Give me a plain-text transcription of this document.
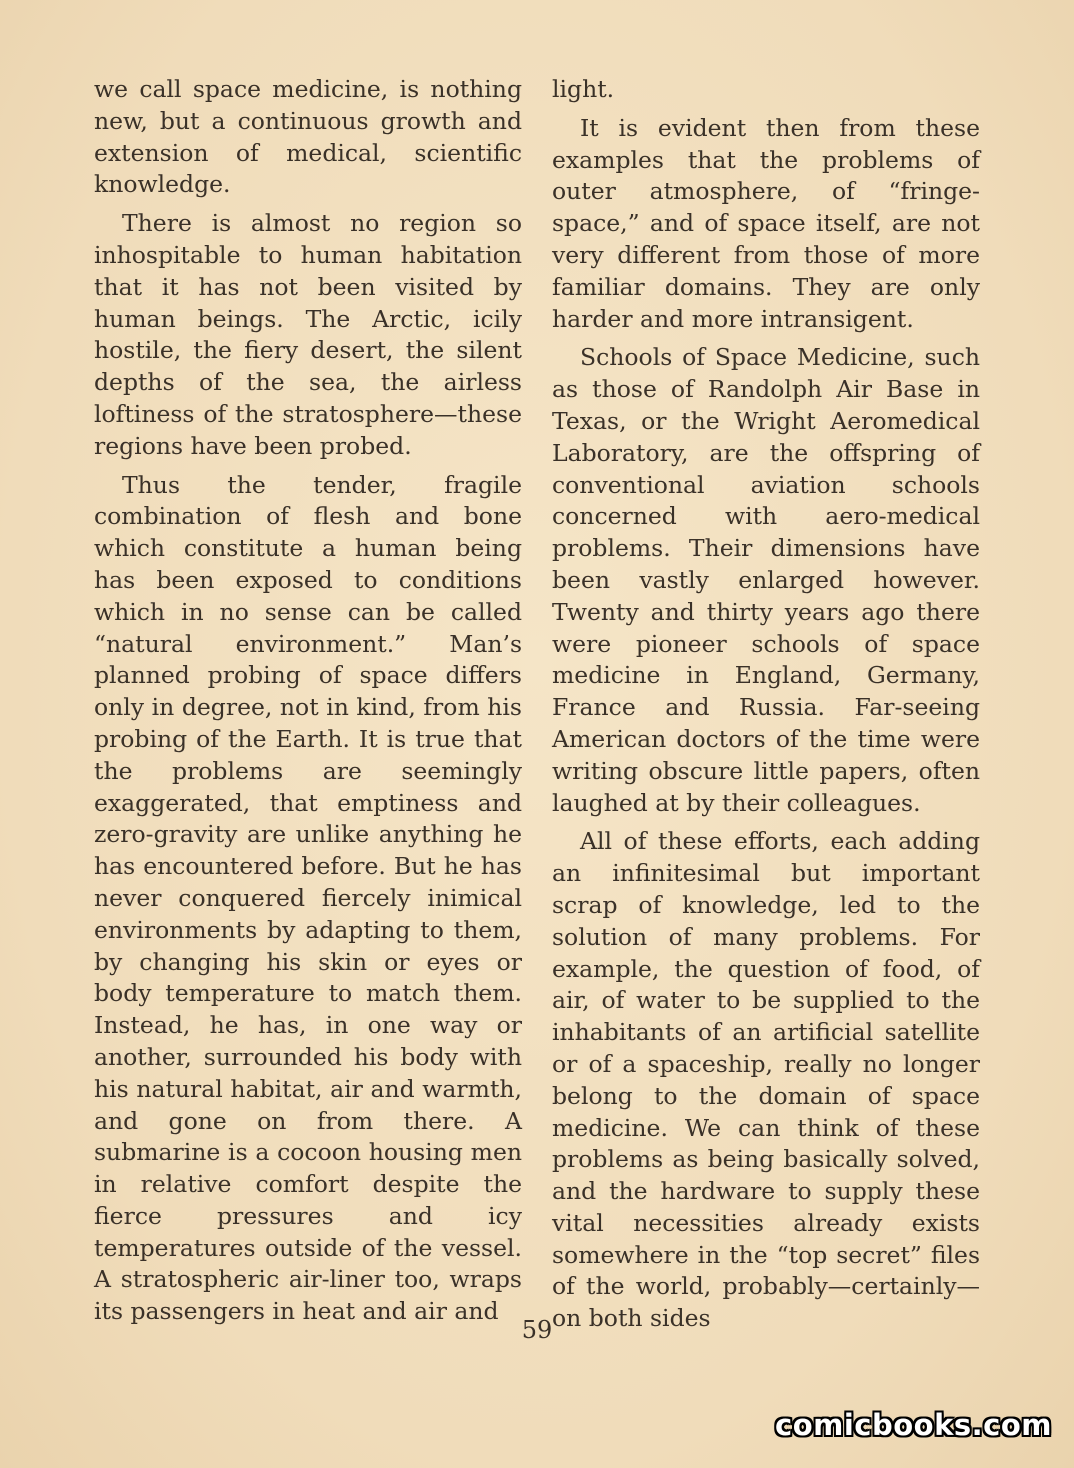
we call space medicine, is nothing new, but a continuous growth and extension of medical, scientific knowledge.

There is almost no region so inhospitable to human habitation that it has not been visited by human beings. The Arctic, icily hostile, the fiery desert, the silent depths of the sea, the airless loftiness of the stratosphere—these regions have been probed.

Thus the tender, fragile combination of flesh and bone which constitute a human being has been exposed to conditions which in no sense can be called “natural environment.” Man’s planned probing of space differs only in degree, not in kind, from his probing of the Earth. It is true that the problems are seemingly exaggerated, that emptiness and zero-gravity are unlike anything he has encountered before. But he has never conquered fiercely inimical environments by adapting to them, by changing his skin or eyes or body temperature to match them. Instead, he has, in one way or another, surrounded his body with his natural habitat, air and warmth, and gone on from there. A submarine is a cocoon housing men in relative comfort despite the fierce pressures and icy temperatures outside of the vessel. A stratospheric air-liner too, wraps its passengers in heat and air and

light.

It is evident then from these examples that the problems of outer atmosphere, of “fringe-space,” and of space itself, are not very different from those of more familiar domains. They are only harder and more intransigent.

Schools of Space Medicine, such as those of Randolph Air Base in Texas, or the Wright Aeromedical Laboratory, are the offspring of conventional aviation schools concerned with aero-medical problems. Their dimensions have been vastly enlarged however. Twenty and thirty years ago there were pioneer schools of space medicine in England, Germany, France and Russia. Far-seeing American doctors of the time were writing obscure little papers, often laughed at by their colleagues.

All of these efforts, each adding an infinitesimal but important scrap of knowledge, led to the solution of many problems. For example, the question of food, of air, of water to be supplied to the inhabitants of an artificial satellite or of a spaceship, really no longer belong to the domain of space medicine. We can think of these problems as being basically solved, and the hardware to supply these vital necessities already exists somewhere in the “top secret” files of the world, probably—certainly—on both sides

59
comicbooks.com
